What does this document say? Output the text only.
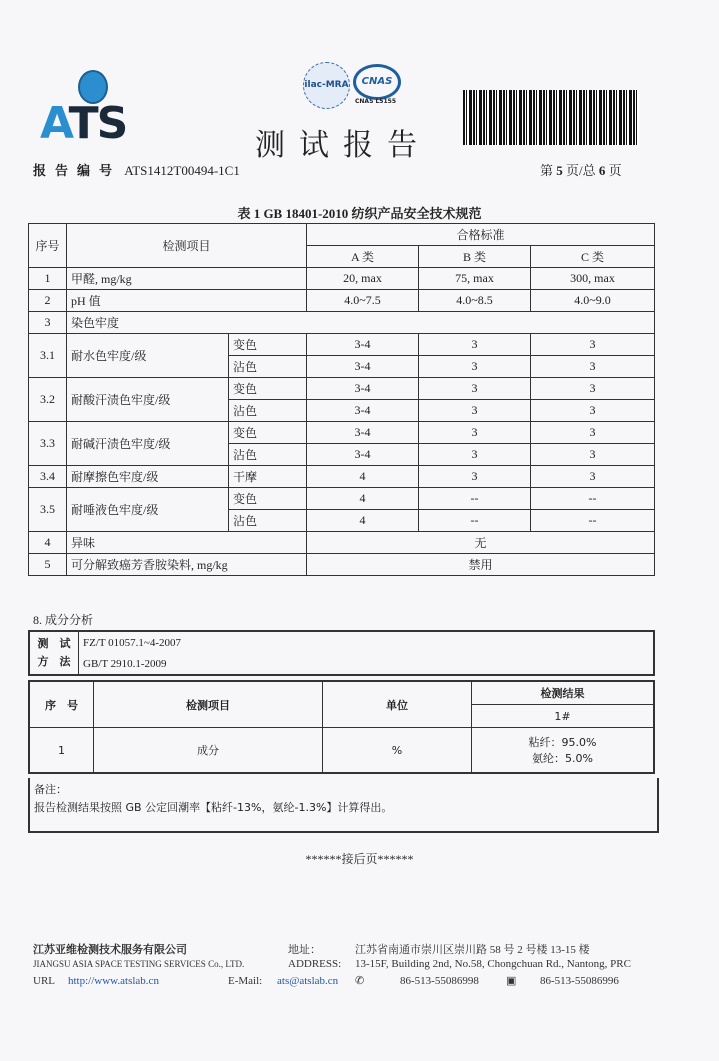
ATS
ilac-MRA	CNAS
CNAS L5155
测试报告
报告编号 ATS1412T00494-1C1	第 5 页/总 6 页
表 1 GB 18401-2010 纺织产品安全技术规范
序号	检测项目		合格标准		
			A 类	B 类	C 类
1	甲醛, mg/kg		20, max	75, max	300, max
2	pH 值		4.0~7.5	4.0~8.5	4.0~9.0
3	染色牢度				
3.1	耐水色牢度/级	变色	3-4	3	3
		沾色	3-4	3	3
3.2	耐酸汗渍色牢度/级	变色	3-4	3	3
		沾色	3-4	3	3
3.3	耐碱汗渍色牢度/级	变色	3-4	3	3
		沾色	3-4	3	3
3.4	耐摩擦色牢度/级	干摩	4	3	3
3.5	耐唾液色牢度/级	变色	4	--	--
		沾色	4	--	--
4	异味		无		
5	可分解致癌芳香胺染料, mg/kg		禁用		
8. 成分分析
测　试
方　法
	FZ/T 01057.1~4-2007
GB/T 2910.1-2009
序　号	检测项目	单位	检测结果
			1#
1	成分	%	粘纤：95.0%
氨纶：5.0%
备注：
报告检测结果按照 GB 公定回潮率【粘纤-13%，氨纶-1.3%】计算得出。
******接后页******
江苏亚维检测技术服务有限公司
JIANGSU ASIA SPACE TESTING SERVICES Co., LTD.
地址：	江苏省南通市崇川区崇川路 58 号 2 号楼 13-15 楼
ADDRESS: 13-15F, Building 2nd, No.58, Chongchuan Rd., Nantong, PRC
URL http://www.atslab.cn	E-Mail: ats@atslab.cn ✆	86-513-55086998 ▣ 86-513-55086996
